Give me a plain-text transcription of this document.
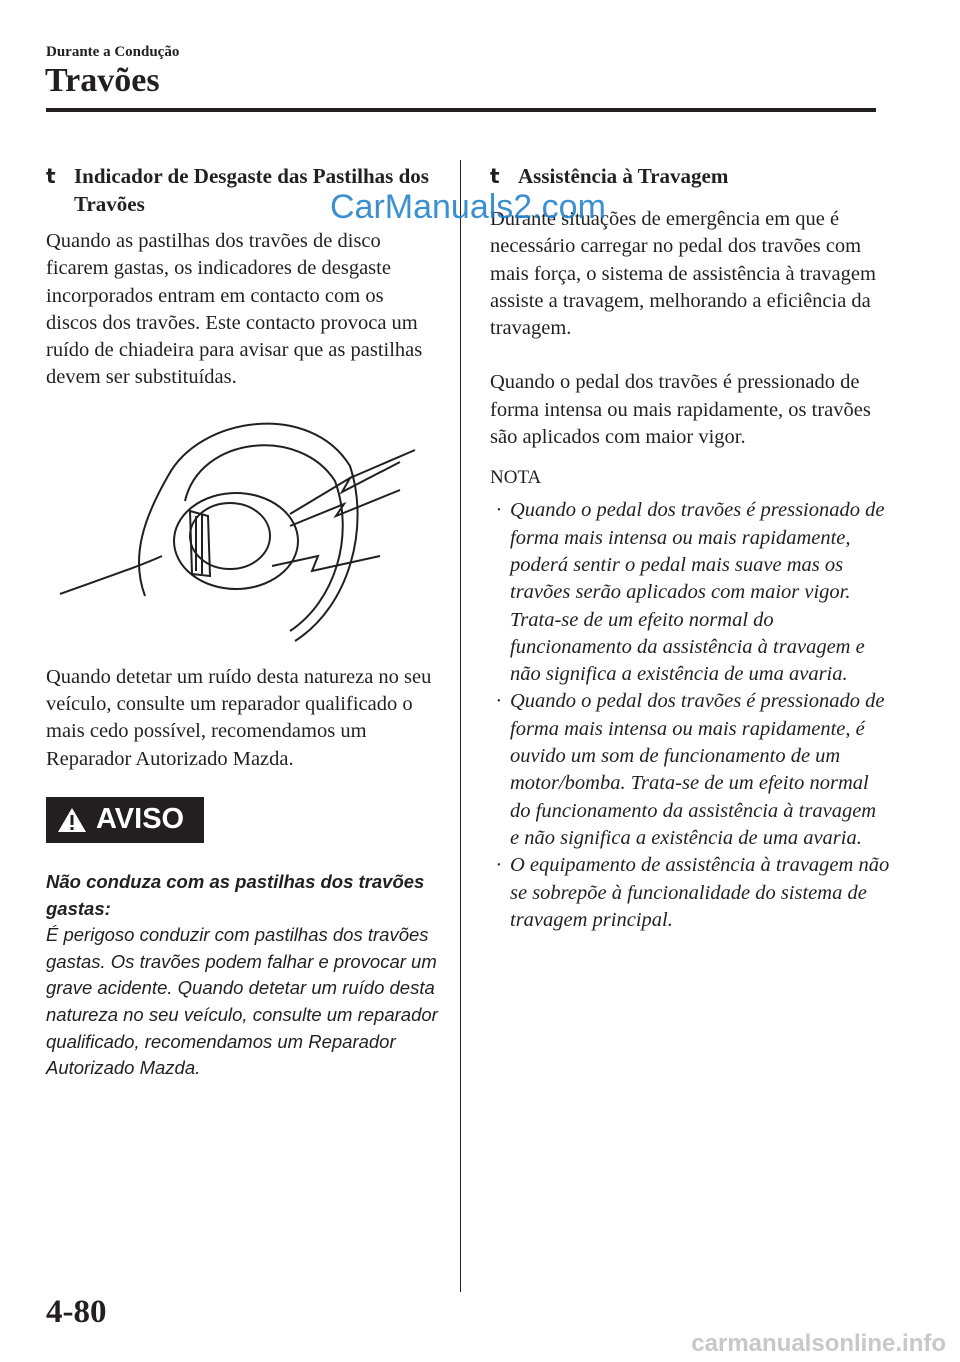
Durante a Condução
Travões
t Indicador de Desgaste das Pastilhas dos Travões

Quando as pastilhas dos travões de disco ficarem gastas, os indicadores de desgaste incorporados entram em contacto com os discos dos travões. Este contacto provoca um ruído de chiadeira para avisar que as pastilhas devem ser substituídas.

Quando detetar um ruído desta natureza no seu veículo, consulte um reparador qualificado o mais cedo possível, recomendamos um Reparador Autorizado Mazda.

AVISO
Não conduza com as pastilhas dos travões gastas:
É perigoso conduzir com pastilhas dos travões gastas. Os travões podem falhar e provocar um grave acidente. Quando detetar um ruído desta natureza no seu veículo, consulte um reparador qualificado, recomendamos um Reparador Autorizado Mazda.
t Assistência à Travagem

Durante situações de emergência em que é necessário carregar no pedal dos travões com mais força, o sistema de assistência à travagem assiste a travagem, melhorando a eficiência da travagem.

Quando o pedal dos travões é pressionado de forma intensa ou mais rapidamente, os travões são aplicados com maior vigor.

NOTA
· Quando o pedal dos travões é pressionado de forma mais intensa ou mais rapidamente, poderá sentir o pedal mais suave mas os travões serão aplicados com maior vigor. Trata-se de um efeito normal do funcionamento da assistência à travagem e não significa a existência de uma avaria.
· Quando o pedal dos travões é pressionado de forma mais intensa ou mais rapidamente, é ouvido um som de funcionamento de um motor/bomba. Trata-se de um efeito normal do funcionamento da assistência à travagem e não significa a existência de uma avaria.
· O equipamento de assistência à travagem não se sobrepõe à funcionalidade do sistema de travagem principal.
CarManuals2.com
4-80
carmanualsonline.info
